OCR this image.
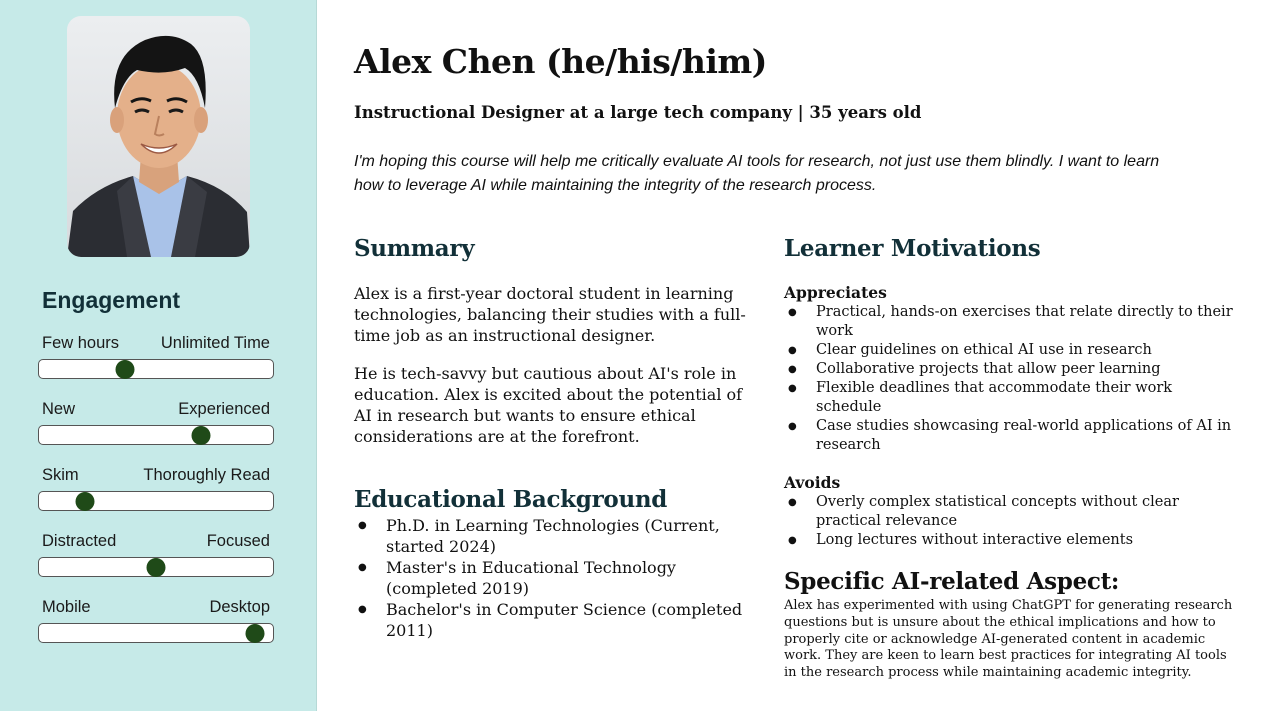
Engagement
Few hours	Unlimited Time
New	Experienced
Skim	Thoroughly Read
Distracted	Focused
Mobile	Desktop
Alex Chen (he/his/him)
Instructional Designer at a large tech company | 35 years old

I'm hoping this course will help me critically evaluate AI tools for research, not just use them blindly. I want to learn how to leverage AI while maintaining the integrity of the research process.

Summary

Alex is a first-year doctoral student in learning technologies, balancing their studies with a full-time job as an instructional designer.

He is tech-savvy but cautious about AI's role in education. Alex is excited about the potential of AI in research but wants to ensure ethical considerations are at the forefront.

Educational Background
● Ph.D. in Learning Technologies (Current, started 2024)
● Master's in Educational Technology (completed 2019)
● Bachelor's in Computer Science (completed 2011)
Learner Motivations
Appreciates
● Practical, hands-on exercises that relate directly to their work
● Clear guidelines on ethical AI use in research
● Collaborative projects that allow peer learning
● Flexible deadlines that accommodate their work schedule
● Case studies showcasing real-world applications of AI in research
Avoids
● Overly complex statistical concepts without clear practical relevance
● Long lectures without interactive elements
Specific AI-related Aspect:

Alex has experimented with using ChatGPT for generating research questions but is unsure about the ethical implications and how to properly cite or acknowledge AI-generated content in academic work. They are keen to learn best practices for integrating AI tools in the research process while maintaining academic integrity.
